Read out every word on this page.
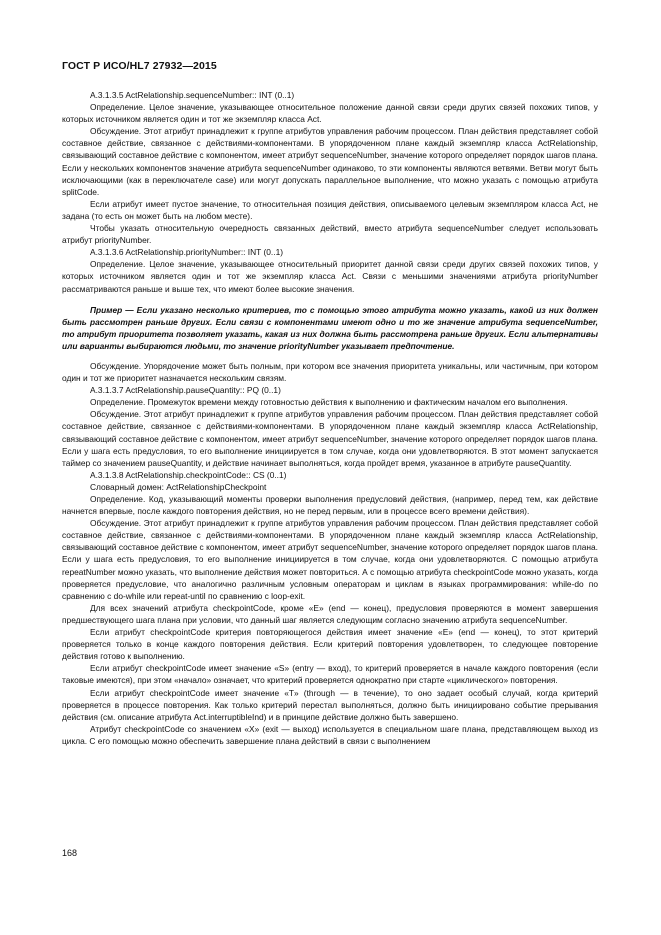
ГОСТ Р ИСО/HL7 27932—2015

A.3.1.3.5 ActRelationship.sequenceNumber:: INT (0..1)

Определение. Целое значение, указывающее относительное положение данной связи среди других связей похожих типов, у которых источником является один и тот же экземпляр класса Act.

Обсуждение. Этот атрибут принадлежит к группе атрибутов управления рабочим процессом. План действия представляет собой составное действие, связанное с действиями-компонентами. В упорядоченном плане каждый экземпляр класса ActRelationship, связывающий составное действие с компонентом, имеет атрибут sequenceNumber, значение которого определяет порядок шагов плана. Если у нескольких компонентов значение атрибута sequenceNumber одинаково, то эти компоненты являются ветвями. Ветви могут быть исключающими (как в переключателе case) или могут допускать параллельное выполнение, что можно указать с помощью атрибута splitCode.

Если атрибут имеет пустое значение, то относительная позиция действия, описываемого целевым экземпляром класса Act, не задана (то есть он может быть на любом месте).

Чтобы указать относительную очередность связанных действий, вместо атрибута sequenceNumber следует использовать атрибут priorityNumber.

A.3.1.3.6 ActRelationship.priorityNumber:: INT (0..1)

Определение. Целое значение, указывающее относительный приоритет данной связи среди других связей похожих типов, у которых источником является один и тот же экземпляр класса Act. Связи с меньшими значениями атрибута priorityNumber рассматриваются раньше и выше тех, что имеют более высокие значения.

Пример — Если указано несколько критериев, то с помощью этого атрибута можно указать, какой из них должен быть рассмотрен раньше других. Если связи с компонентами имеют одно и то же значение атрибута sequenceNumber, то атрибут приоритета позволяет указать, какая из них должна быть рассмотрена раньше других. Если альтернативы или варианты выбираются людьми, то значение priorityNumber указывает предпочтение.

Обсуждение. Упорядочение может быть полным, при котором все значения приоритета уникальны, или частичным, при котором один и тот же приоритет назначается нескольким связям.

A.3.1.3.7 ActRelationship.pauseQuantity:: PQ (0..1)

Определение. Промежуток времени между готовностью действия к выполнению и фактическим началом его выполнения.

Обсуждение. Этот атрибут принадлежит к группе атрибутов управления рабочим процессом. План действия представляет собой составное действие, связанное с действиями-компонентами. В упорядоченном плане каждый экземпляр класса ActRelationship, связывающий составное действие с компонентом, имеет атрибут sequenceNumber, значение которого определяет порядок шагов плана. Если у шага есть предусловия, то его выполнение инициируется в том случае, когда они удовлетворяются. В этот момент запускается таймер со значением pauseQuantity, и действие начинает выполняться, когда пройдет время, указанное в атрибуте pauseQuantity.

A.3.1.3.8 ActRelationship.checkpointCode:: CS (0..1)

Словарный домен: ActRelationshipCheckpoint

Определение. Код, указывающий моменты проверки выполнения предусловий действия, (например, перед тем, как действие начнется впервые, после каждого повторения действия, но не перед первым, или в процессе всего времени действия).

Обсуждение. Этот атрибут принадлежит к группе атрибутов управления рабочим процессом. План действия представляет собой составное действие, связанное с действиями-компонентами. В упорядоченном плане каждый экземпляр класса ActRelationship, связывающий составное действие с компонентом, имеет атрибут sequenceNumber, значение которого определяет порядок шагов плана. Если у шага есть предусловия, то его выполнение инициируется в том случае, когда они удовлетворяются. С помощью атрибута repeatNumber можно указать, что выполнение действия может повториться. А с помощью атрибута checkpointCode можно указать, когда проверяется предусловие, что аналогично различным условным операторам и циклам в языках программирования: while-do по сравнению с do-while или repeat-until по сравнению с loop-exit.

Для всех значений атрибута checkpointCode, кроме «E» (end — конец), предусловия проверяются в момент завершения предшествующего шага плана при условии, что данный шаг является следующим согласно значению атрибута sequenceNumber.

Если атрибут checkpointCode критерия повторяющегося действия имеет значение «E» (end — конец), то этот критерий проверяется только в конце каждого повторения действия. Если критерий повторения удовлетворен, то следующее повторение действия готово к выполнению.

Если атрибут checkpointCode имеет значение «S» (entry — вход), то критерий проверяется в начале каждого повторения (если таковые имеются), при этом «начало» означает, что критерий проверяется однократно при старте «циклического» повторения.

Если атрибут checkpointCode имеет значение «T» (through — в течение), то оно задает особый случай, когда критерий проверяется в процессе повторения. Как только критерий перестал выполняться, должно быть инициировано событие прерывания действия (см. описание атрибута Act.interruptibleInd) и в принципе действие должно быть завершено.

Атрибут checkpointCode со значением «X» (exit — выход) используется в специальном шаге плана, представляющем выход из цикла. С его помощью можно обеспечить завершение плана действий в связи с выполнением

168
